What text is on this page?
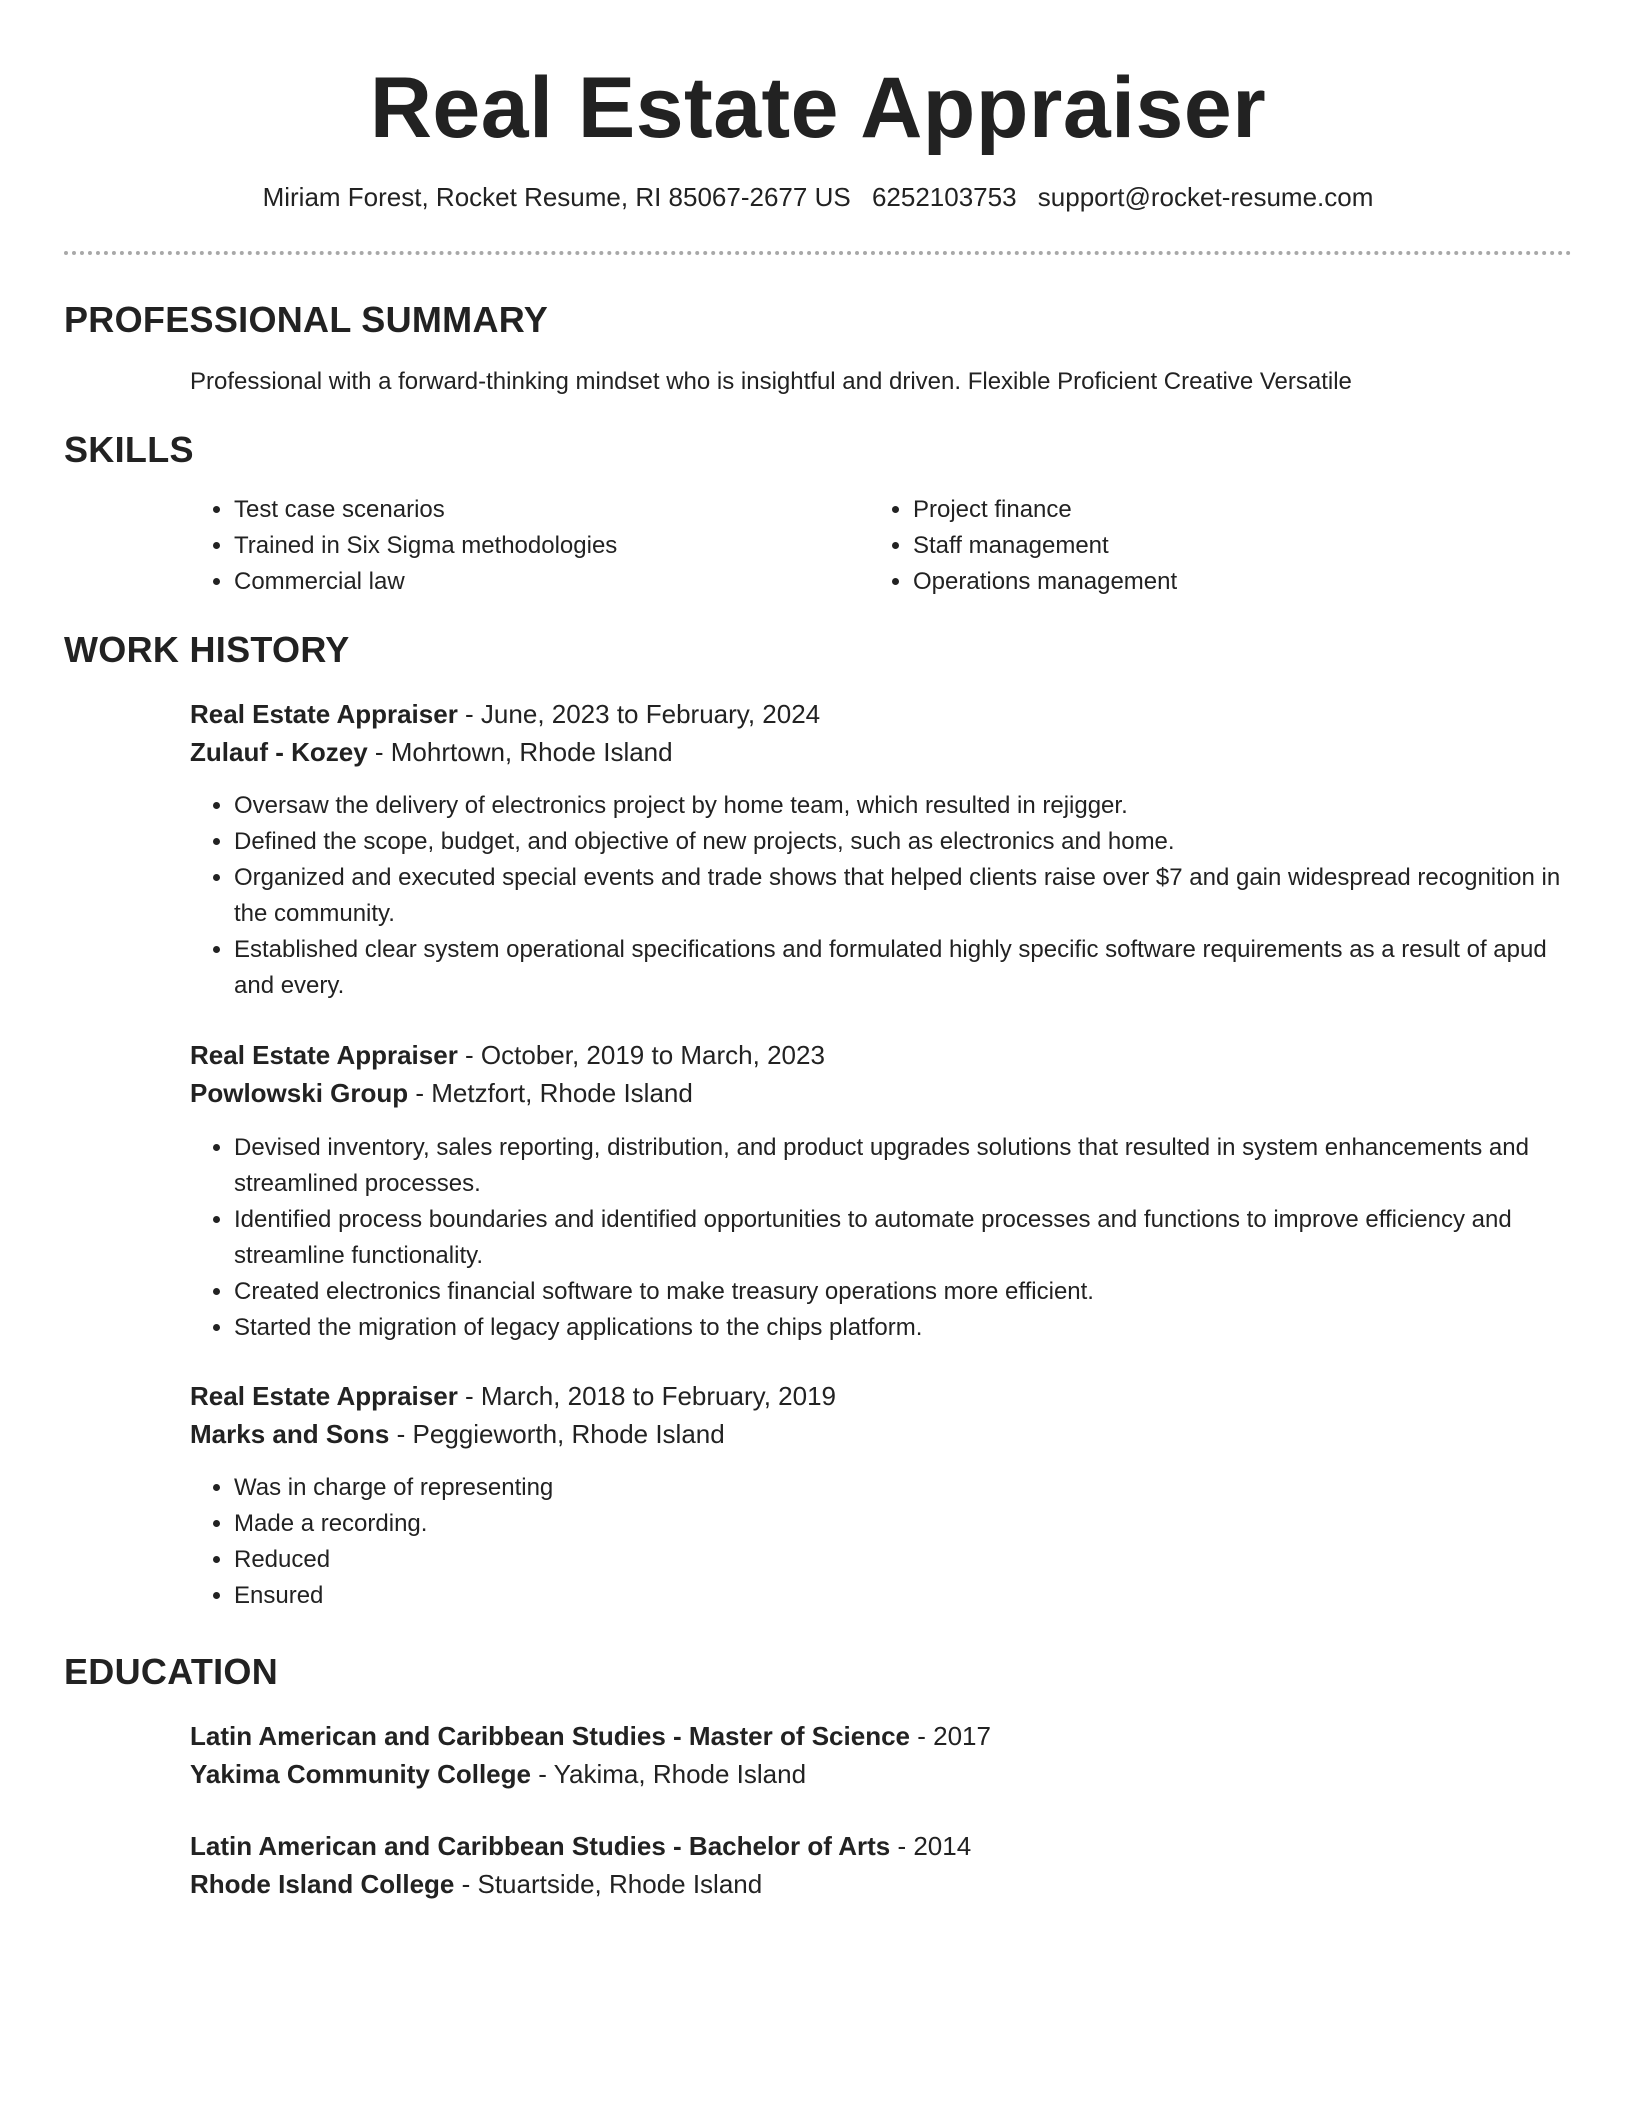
Real Estate Appraiser
Miriam Forest, Rocket Resume, RI 85067-2677 US 6252103753 support@rocket-resume.com
PROFESSIONAL SUMMARY
Professional with a forward-thinking mindset who is insightful and driven. Flexible Proficient Creative Versatile
SKILLS
• Test case scenarios
• Trained in Six Sigma methodologies
• Commercial law
• Project finance
• Staff management
• Operations management
WORK HISTORY
Real Estate Appraiser - June, 2023 to February, 2024
Zulauf - Kozey - Mohrtown, Rhode Island
• Oversaw the delivery of electronics project by home team, which resulted in rejigger.
• Defined the scope, budget, and objective of new projects, such as electronics and home.
• Organized and executed special events and trade shows that helped clients raise over $7 and gain widespread recognition in the community.
• Established clear system operational specifications and formulated highly specific software requirements as a result of apud and every.
Real Estate Appraiser - October, 2019 to March, 2023
Powlowski Group - Metzfort, Rhode Island
• Devised inventory, sales reporting, distribution, and product upgrades solutions that resulted in system enhancements and streamlined processes.
• Identified process boundaries and identified opportunities to automate processes and functions to improve efficiency and streamline functionality.
• Created electronics financial software to make treasury operations more efficient.
• Started the migration of legacy applications to the chips platform.
Real Estate Appraiser - March, 2018 to February, 2019
Marks and Sons - Peggieworth, Rhode Island
• Was in charge of representing
• Made a recording.
• Reduced
• Ensured
EDUCATION
Latin American and Caribbean Studies - Master of Science - 2017
Yakima Community College - Yakima, Rhode Island
Latin American and Caribbean Studies - Bachelor of Arts - 2014
Rhode Island College - Stuartside, Rhode Island
